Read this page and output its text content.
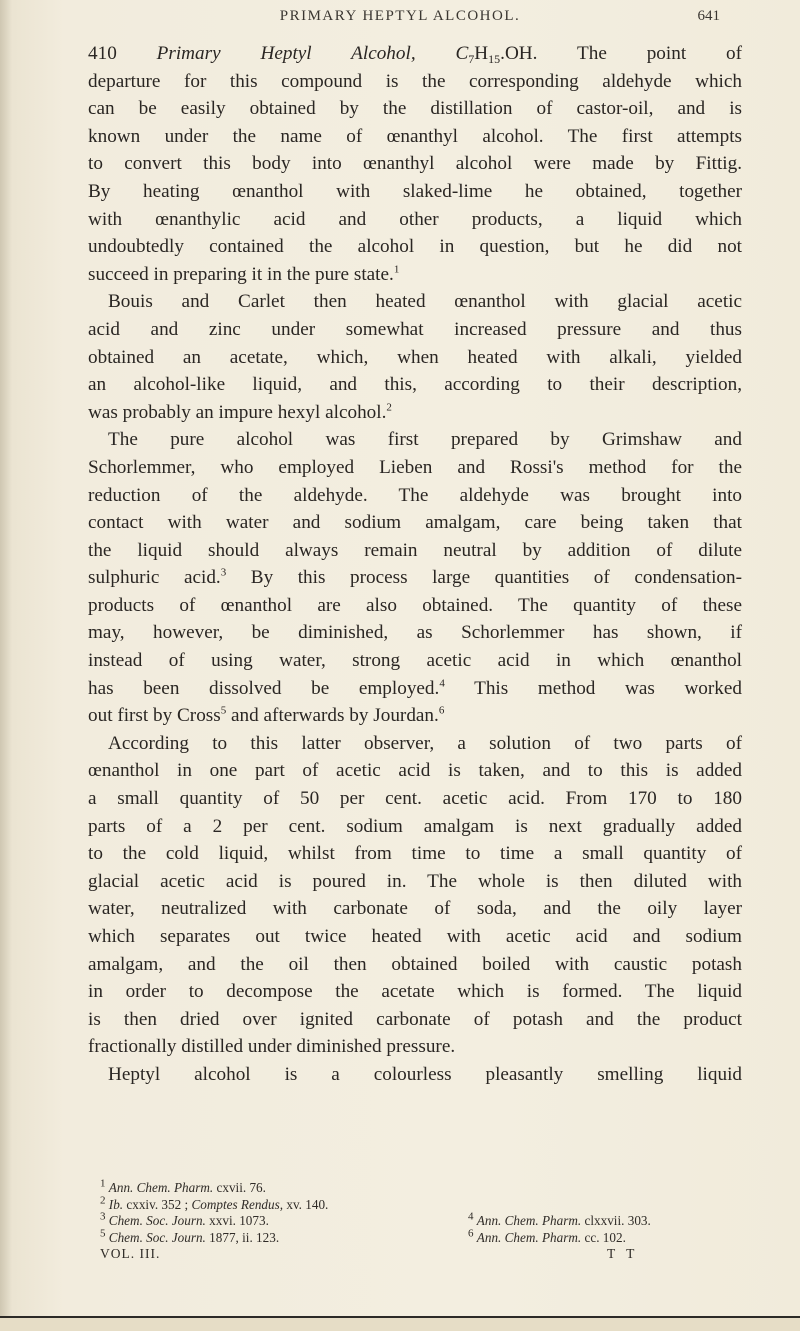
PRIMARY HEPTYL ALCOHOL.	641
410 Primary Heptyl Alcohol, $C_7H_{15}.OH$. The point of
departure for this compound is the corresponding aldehyde which
can be easily obtained by the distillation of castor-oil, and is
known under the name of œnanthyl alcohol. The first attempts
to convert this body into œnanthyl alcohol were made by Fittig.
By heating œnanthol with slaked-lime he obtained, together
with œnanthylic acid and other products, a liquid which
undoubtedly contained the alcohol in question, but he did not
succeed in preparing it in the pure state.$^1$
Bouis and Carlet then heated œnanthol with glacial acetic
acid and zinc under somewhat increased pressure and thus
obtained an acetate, which, when heated with alkali, yielded
an alcohol-like liquid, and this, according to their description,
was probably an impure hexyl alcohol.$^2$
The pure alcohol was first prepared by Grimshaw and
Schorlemmer, who employed Lieben and Rossi's method for the
reduction of the aldehyde. The aldehyde was brought into
contact with water and sodium amalgam, care being taken that
the liquid should always remain neutral by addition of dilute
sulphuric acid.$^3$ By this process large quantities of condensation-
products of œnanthol are also obtained. The quantity of these
may, however, be diminished, as Schorlemmer has shown, if
instead of using water, strong acetic acid in which œnanthol
has been dissolved be employed.$^4$ This method was worked
out first by Cross$^5$ and afterwards by Jourdan.$^6$
According to this latter observer, a solution of two parts of
œnanthol in one part of acetic acid is taken, and to this is added
a small quantity of 50 per cent. acetic acid. From 170 to 180
parts of a 2 per cent. sodium amalgam is next gradually added
to the cold liquid, whilst from time to time a small quantity of
glacial acetic acid is poured in. The whole is then diluted with
water, neutralized with carbonate of soda, and the oily layer
which separates out twice heated with acetic acid and sodium
amalgam, and the oil then obtained boiled with caustic potash
in order to decompose the acetate which is formed. The liquid
is then dried over ignited carbonate of potash and the product
fractionally distilled under diminished pressure.
Heptyl alcohol is a colourless pleasantly smelling liquid
$^1$ Ann. Chem. Pharm. cxvii. 76.
$^2$ Ib. cxxiv. 352 ; Comptes Rendus, xv. 140.
$^3$ Chem. Soc. Journ. xxvi. 1073.	$^4$ Ann. Chem. Pharm. clxxvii. 303.
$^5$ Chem. Soc. Journ. 1877, ii. 123.	$^6$ Ann. Chem. Pharm. cc. 102.
VOL. III.	T T
